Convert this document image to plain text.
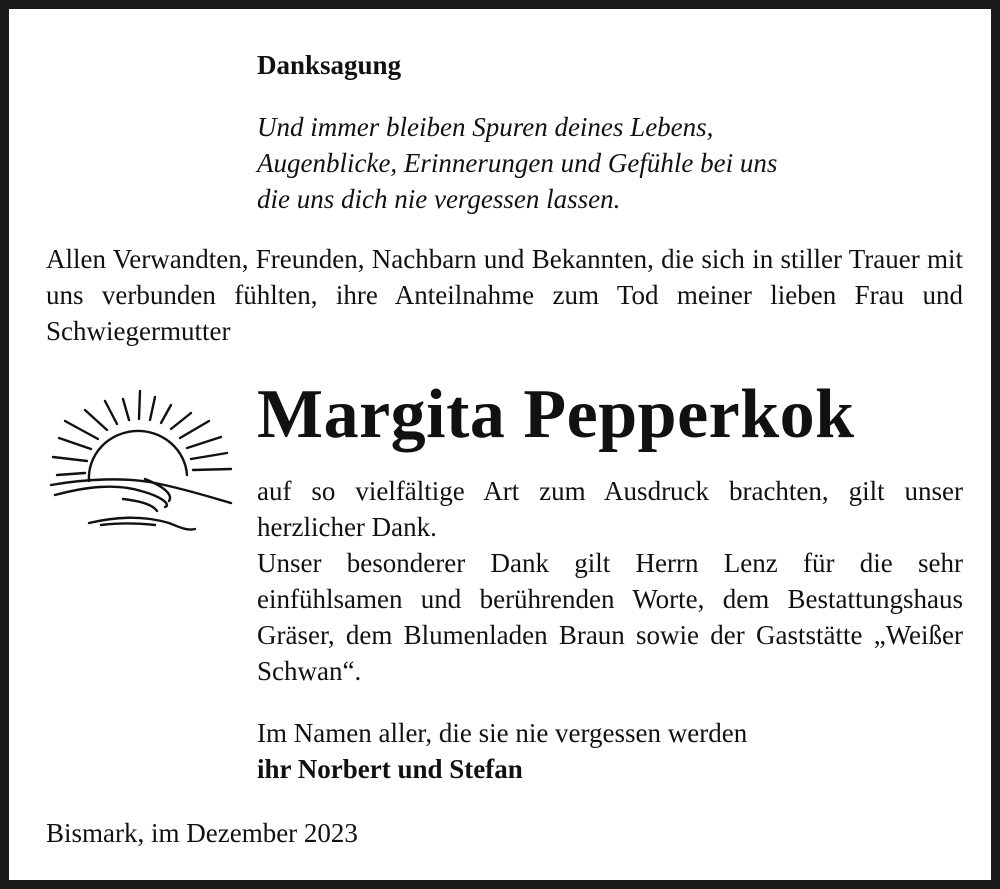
Danksagung
Und immer bleiben Spuren deines Lebens,
Augenblicke, Erinnerungen und Gefühle bei uns
die uns dich nie vergessen lassen.
Allen Verwandten, Freunden, Nachbarn und Bekannten, die sich in stiller Trauer mit uns verbunden fühlten, ihre Anteilnahme zum Tod meiner lieben Frau und Schwiegermutter
Margita Pepperkok

auf so vielfältige Art zum Ausdruck brachten, gilt unser herzlicher Dank.

Unser besonderer Dank gilt Herrn Lenz für die sehr einfühlsamen und berührenden Worte, dem Bestattungshaus Gräser, dem Blumenladen Braun sowie der Gaststätte „Weißer Schwan“.

Im Namen aller, die sie nie vergessen werden
ihr Norbert und Stefan
Bismark, im Dezember 2023
